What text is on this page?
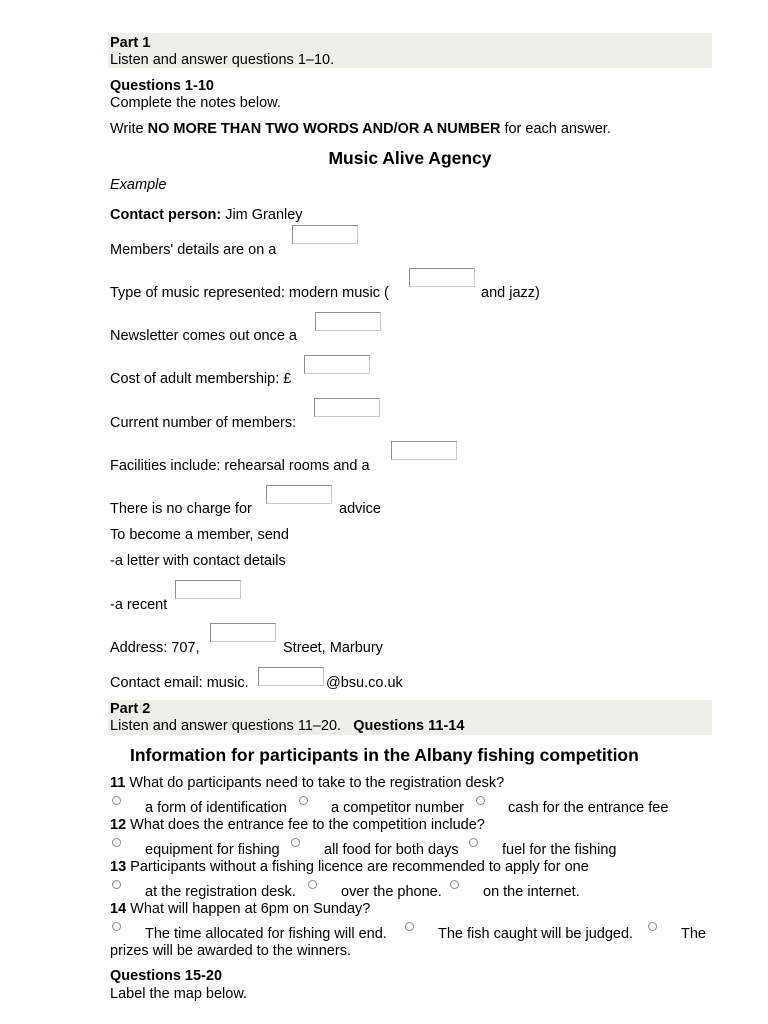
Part 1
Listen and answer questions 1–10.
Questions 1-10
Complete the notes below.
Write NO MORE THAN TWO WORDS AND/OR A NUMBER for each answer.
Music Alive Agency
Example
Contact person: Jim Granley
Members' details are on a
Type of music represented: modern music (	and jazz)
Newsletter comes out once a
Cost of adult membership: £
Current number of members:
Facilities include: rehearsal rooms and a
There is no charge for	advice
To become a member, send
-a letter with contact details
-a recent
Address: 707,	Street, Marbury
Contact email: music.	@bsu.co.uk
Part 2
Listen and answer questions 11–20. Questions 11-14
Information for participants in the Albany fishing competition
11 What do participants need to take to the registration desk?
a form of identification	a competitor number	cash for the entrance fee
12 What does the entrance fee to the competition include?
equipment for fishing	all food for both days	fuel for the fishing
13 Participants without a fishing licence are recommended to apply for one
at the registration desk.	over the phone.	on the internet.
14 What will happen at 6pm on Sunday?
The time allocated for fishing will end.	The fish caught will be judged.	The
prizes will be awarded to the winners.
Questions 15-20
Label the map below.
